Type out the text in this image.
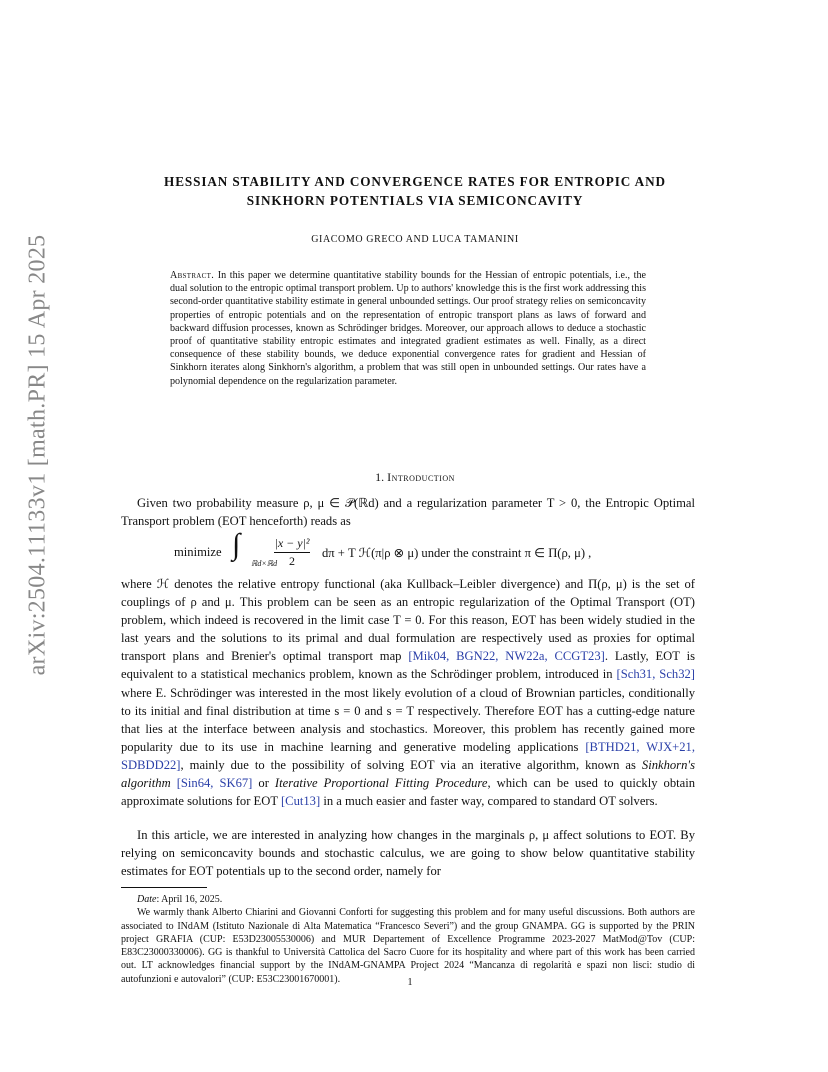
arXiv:2504.11133v1 [math.PR] 15 Apr 2025
HESSIAN STABILITY AND CONVERGENCE RATES FOR ENTROPIC AND
SINKHORN POTENTIALS VIA SEMICONCAVITY
GIACOMO GRECO AND LUCA TAMANINI
Abstract. In this paper we determine quantitative stability bounds for the Hessian of entropic potentials, i.e., the dual solution to the entropic optimal transport problem. Up to authors' knowledge this is the first work addressing this second-order quantitative stability estimate in general unbounded settings. Our proof strategy relies on semiconcavity properties of entropic potentials and on the representation of entropic transport plans as laws of forward and backward diffusion processes, known as Schrödinger bridges. Moreover, our approach allows to deduce a stochastic proof of quantitative stability entropic estimates and integrated gradient estimates as well. Finally, as a direct consequence of these stability bounds, we deduce exponential convergence rates for gradient and Hessian of Sinkhorn iterates along Sinkhorn's algorithm, a problem that was still open in unbounded settings. Our rates have a polynomial dependence on the regularization parameter.
1. Introduction
Given two probability measure ρ, μ ∈ 𝒫(ℝd) and a regularization parameter T > 0, the Entropic Optimal Transport problem (EOT henceforth) reads as
minimize ∫
ℝd×ℝd
$\frac{\text{|x − y|²}}{2}$ dπ + T ℋ(π|ρ ⊗ μ) under the constraint π ∈ Π(ρ, μ) ,
where ℋ denotes the relative entropy functional (aka Kullback–Leibler divergence) and Π(ρ, μ) is the set of couplings of ρ and μ. This problem can be seen as an entropic regularization of the Optimal Transport (OT) problem, which indeed is recovered in the limit case T = 0. For this reason, EOT has been widely studied in the last years and the solutions to its primal and dual formulation are respectively used as proxies for optimal transport plans and Brenier's optimal transport map [Mik04, BGN22, NW22a, CCGT23]. Lastly, EOT is equivalent to a statistical mechanics problem, known as the Schrödinger problem, introduced in [Sch31, Sch32] where E. Schrödinger was interested in the most likely evolution of a cloud of Brownian particles, conditionally to its initial and final distribution at time s = 0 and s = T respectively. Therefore EOT has a cutting-edge nature that lies at the interface between analysis and stochastics. Moreover, this problem has recently gained more popularity due to its use in machine learning and generative modeling applications [BTHD21, WJX+21, SDBDD22], mainly due to the possibility of solving EOT via an iterative algorithm, known as Sinkhorn's algorithm [Sin64, SK67] or Iterative Proportional Fitting Procedure, which can be used to quickly obtain approximate solutions for EOT [Cut13] in a much easier and faster way, compared to standard OT solvers.
In this article, we are interested in analyzing how changes in the marginals ρ, μ affect solutions to EOT. By relying on semiconcavity bounds and stochastic calculus, we are going to show below quantitative stability estimates for EOT potentials up to the second order, namely for
Date: April 16, 2025.
We warmly thank Alberto Chiarini and Giovanni Conforti for suggesting this problem and for many useful discussions. Both authors are associated to INdAM (Istituto Nazionale di Alta Matematica “Francesco Severi”) and the group GNAMPA. GG is supported by the PRIN project GRAFIA (CUP: E53D23005530006) and MUR Departement of Excellence Programme 2023-2027 MatMod@Tov (CUP: E83C23000330006). GG is thankful to Università Cattolica del Sacro Cuore for its hospitality and where part of this work has been carried out. LT acknowledges financial support by the INdAM-GNAMPA Project 2024 “Mancanza di regolarità e spazi non lisci: studio di autofunzioni e autovalori” (CUP: E53C23001670001).	1
